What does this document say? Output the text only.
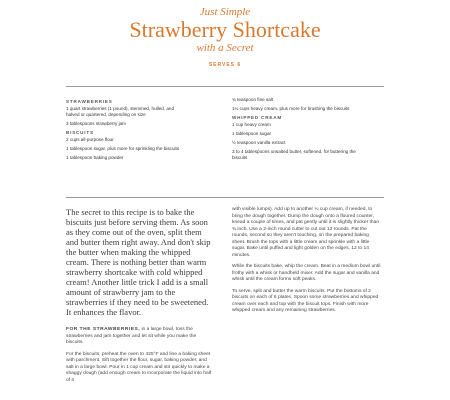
Just Simple
Strawberry Shortcake
with a Secret
SERVES 6
STRAWBERRIES
1 quart strawberries (1 pound), stemmed, hulled, and halved or quartered, depending on size
3 tablespoons strawberry jam
BISCUITS
2 cups all-purpose flour
1 tablespoon sugar, plus more for sprinkling the biscuits
1 tablespoon baking powder
¾ teaspoon fine salt
1¼ cups heavy cream, plus more for brushing the biscuits
WHIPPED CREAM
1 cup heavy cream
1 tablespoon sugar
½ teaspoon vanilla extract
3 to 4 tablespoons unsalted butter, softened, for buttering the biscuits
The secret to this recipe is to bake the biscuits just before serving them. As soon as they come out of the oven, split them and butter them right away. And don't skip the butter when making the whipped cream. There is nothing better than warm strawberry shortcake with cold whipped cream! Another little trick I add is a small amount of strawberry jam to the strawberries if they need to be sweetened. It enhances the flavor.

FOR THE STRAWBERRIES, in a large bowl, toss the strawberries and jam together and let sit while you make the biscuits.

For the biscuits, preheat the oven to 425°F and line a baking sheet with parchment. Sift together the flour, sugar, baking powder, and salt in a large bowl. Pour in 1 cup cream and stir quickly to make a shaggy dough (add enough cream to incorporate the liquid into half of it

with visible lumps). Add up to another ¼ cup cream, if needed, to bring the dough together. Dump the dough onto a floured counter, knead a couple of times, and pat gently until it is slightly thicker than ¾ inch. Use a 2-inch round cutter to cut out 12 rounds. Pat the rounds, second so they aren't touching, on the prepared baking sheet. Brush the tops with a little cream and sprinkle with a little sugar. Bake until puffed and light golden on the edges, 12 to 14 minutes.

While the biscuits bake, whip the cream. Beat in a medium bowl until frothy with a whisk or handheld mixer. Add the sugar and vanilla and whisk until the cream forms soft peaks.

To serve, split and butter the warm biscuits. Put the bottoms of 2 biscuits on each of 6 plates. Spoon some strawberries and whipped cream over each and top with the biscuit tops. Finish with more whipped cream and any remaining strawberries.
